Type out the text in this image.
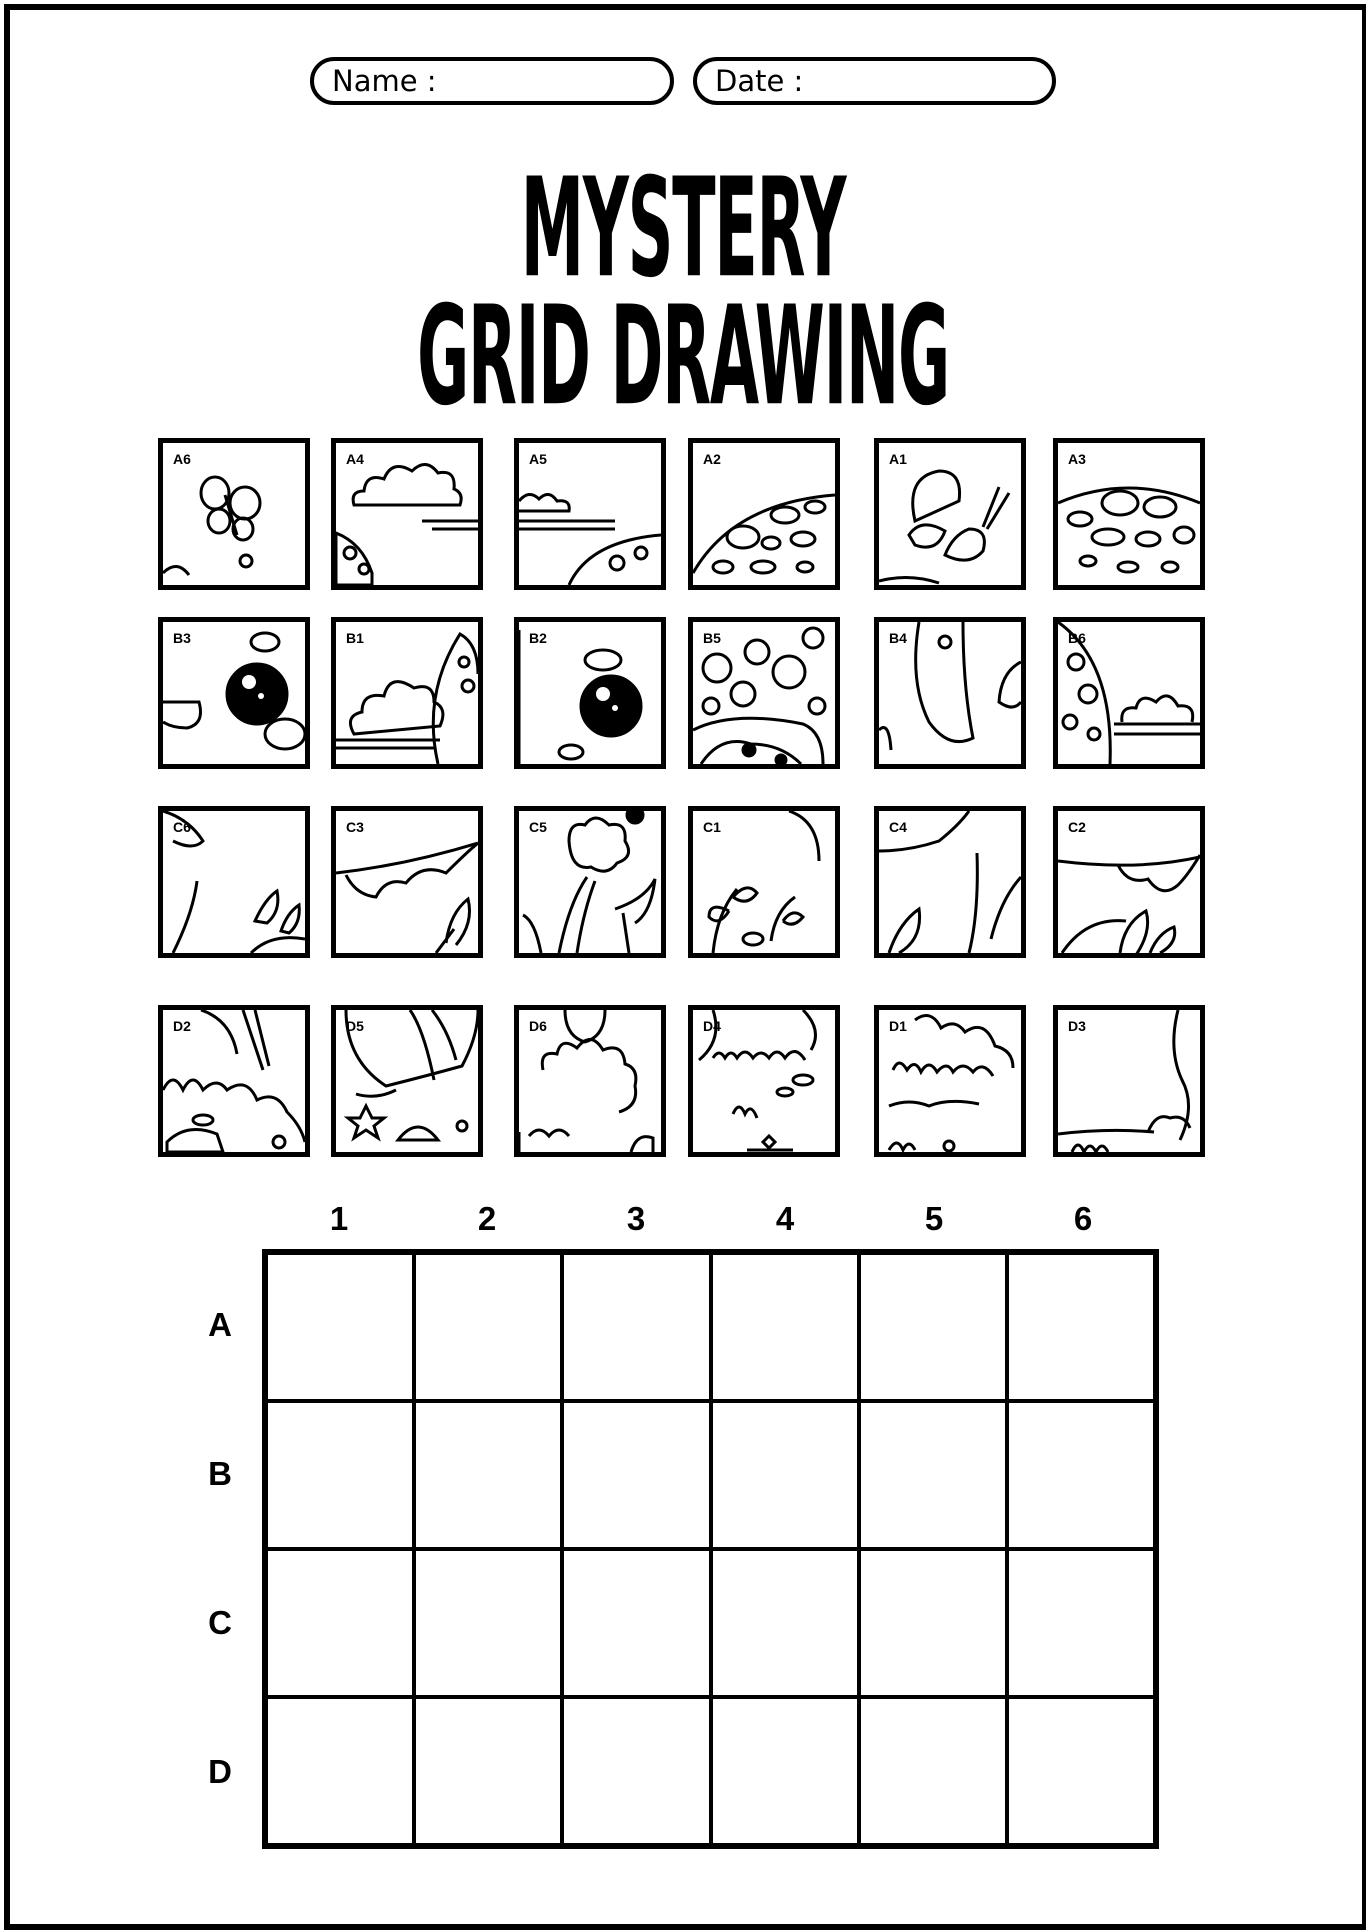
Name :	Date :
MYSTERY
GRID DRAWING
A6	A4	A5	A2	A1	A3
B3	B1	B2	B5	B4	B6
C6	C3	C5	C1	C4	C2
D2	D5	D6	D4	D1	D3
1	2	3	4	5	6
A
B
C
D
